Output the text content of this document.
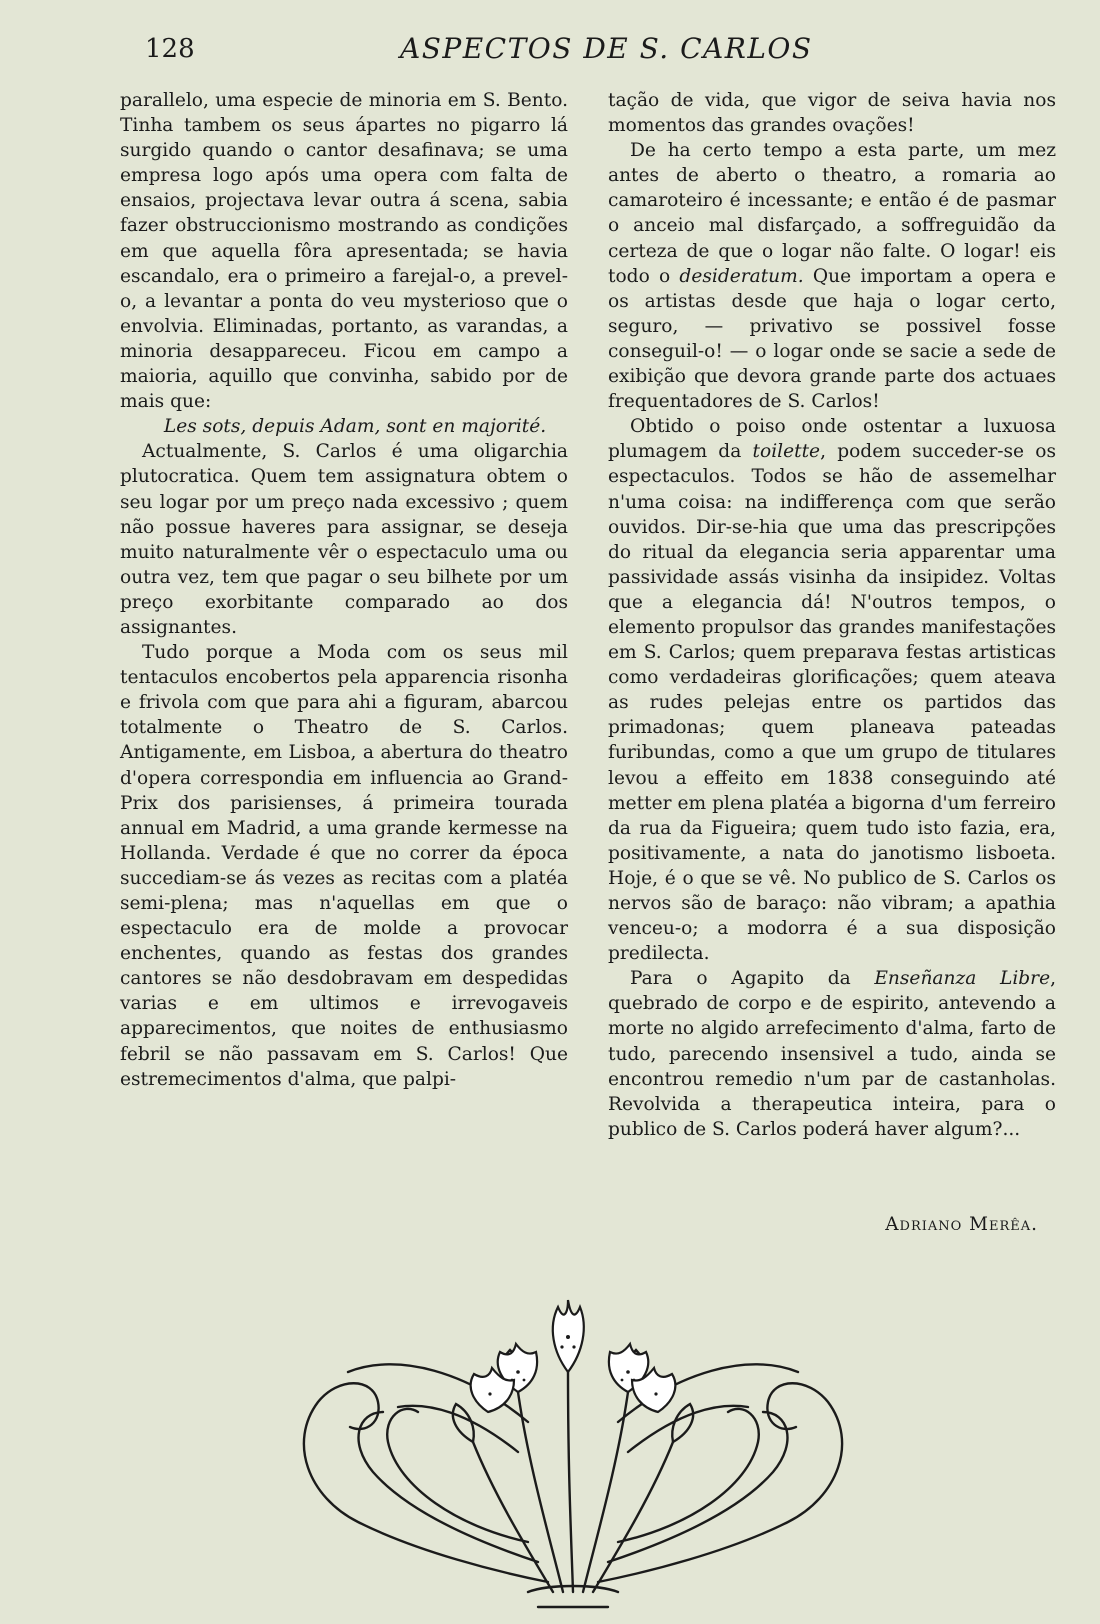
128	ASPECTOS DE S. CARLOS

parallelo, uma especie de minoria em S. Bento. Tinha tambem os seus ápartes no pigarro lá surgido quando o cantor desafinava; se uma empresa logo após uma opera com falta de ensaios, projectava levar outra á scena, sabia fazer obstruccionismo mostrando as condições em que aquella fôra apresentada; se havia escandalo, era o primeiro a farejal-o, a prevel-o, a levantar a ponta do veu mysterioso que o envolvia. Eliminadas, portanto, as varandas, a minoria desappareceu. Ficou em campo a maioria, aquillo que convinha, sabido por de mais que:

Les sots, depuis Adam, sont en majorité.

Actualmente, S. Carlos é uma oligarchia plutocratica. Quem tem assignatura obtem o seu logar por um preço nada excessivo ; quem não possue haveres para assignar, se deseja muito naturalmente vêr o espectaculo uma ou outra vez, tem que pagar o seu bilhete por um preço exorbitante comparado ao dos assignantes.

Tudo porque a Moda com os seus mil tentaculos encobertos pela apparencia risonha e frivola com que para ahi a figuram, abarcou totalmente o Theatro de S. Carlos. Antigamente, em Lisboa, a abertura do theatro d'opera correspondia em influencia ao Grand-Prix dos parisienses, á primeira tourada annual em Madrid, a uma grande kermesse na Hollanda. Verdade é que no correr da época succediam-se ás vezes as recitas com a platéa semi-plena; mas n'aquellas em que o espectaculo era de molde a provocar enchentes, quando as festas dos grandes cantores se não desdobravam em despedidas varias e em ultimos e irrevogaveis apparecimentos, que noites de enthusiasmo febril se não passavam em S. Carlos! Que estremecimentos d'alma, que palpi-

tação de vida, que vigor de seiva havia nos momentos das grandes ovações!

De ha certo tempo a esta parte, um mez antes de aberto o theatro, a romaria ao camaroteiro é incessante; e então é de pasmar o anceio mal disfarçado, a soffreguidão da certeza de que o logar não falte. O logar! eis todo o desideratum. Que importam a opera e os artistas desde que haja o logar certo, seguro, — privativo se possivel fosse conseguil-o! — o logar onde se sacie a sede de exibição que devora grande parte dos actuaes frequentadores de S. Carlos!

Obtido o poiso onde ostentar a luxuosa plumagem da toilette, podem succeder-se os espectaculos. Todos se hão de assemelhar n'uma coisa: na indifferença com que serão ouvidos. Dir-se-hia que uma das prescripções do ritual da elegancia seria apparentar uma passividade assás visinha da insipidez. Voltas que a elegancia dá! N'outros tempos, o elemento propulsor das grandes manifestações em S. Carlos; quem preparava festas artisticas como verdadeiras glorificações; quem ateava as rudes pelejas entre os partidos das primadonas; quem planeava pateadas furibundas, como a que um grupo de titulares levou a effeito em 1838 conseguindo até metter em plena platéa a bigorna d'um ferreiro da rua da Figueira; quem tudo isto fazia, era, positivamente, a nata do janotismo lisboeta. Hoje, é o que se vê. No publico de S. Carlos os nervos são de baraço: não vibram; a apathia venceu-o; a modorra é a sua disposição predilecta.

Para o Agapito da Enseñanza Libre, quebrado de corpo e de espirito, antevendo a morte no algido arrefecimento d'alma, farto de tudo, parecendo insensivel a tudo, ainda se encontrou remedio n'um par de castanholas. Revolvida a therapeutica inteira, para o publico de S. Carlos poderá haver algum?...

Adriano Merêa.
